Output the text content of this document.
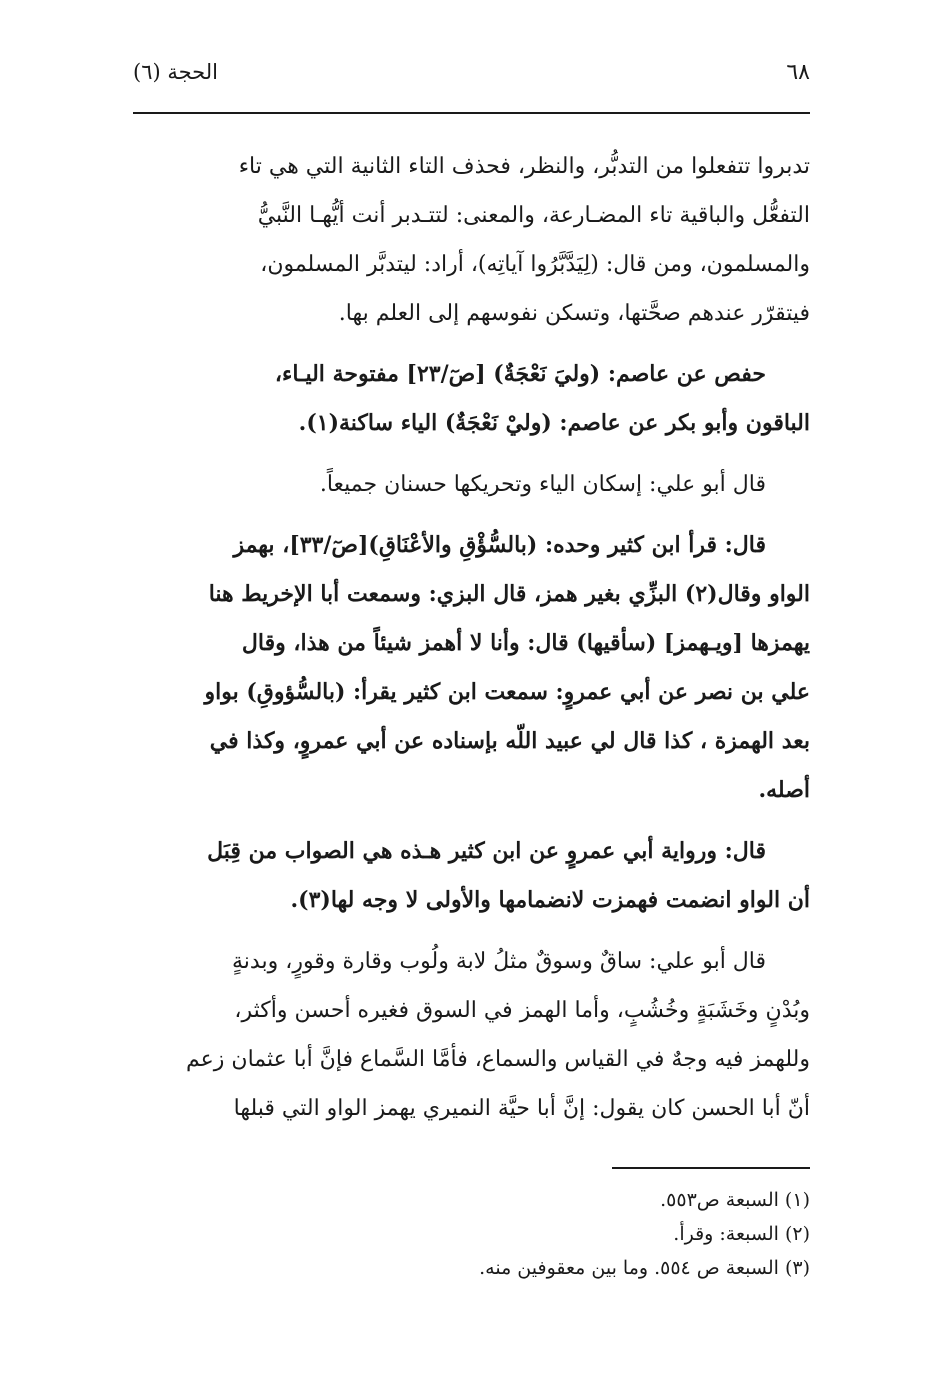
٦٨
الحجة (٦)

تدبروا تتفعلوا من التدبُّر، والنظر، فحذف التاء الثانية التي هي تاء

التفعُّل والباقية تاء المضـارعة، والمعنى: لتتـدبر أنت أيُّهـا النَّبيُّ

والمسلمون، ومن قال: (لِيَدَّبَّرُوا آياتِه)، أراد: ليتدبَّر المسلمون،

فيتقرّر عندهم صحَّتها، وتسكن نفوسهم إلى العلم بها.

حفص عن عاصم: (وليَ نَعْجَةٌ) [صٓ/٢٣] مفتوحة اليـاء،

الباقون وأبو بكر عن عاصم: (وليْ نَعْجَةٌ) الياء ساكنة(١).

قال أبو علي: إسكان الياء وتحريكها حسنان جميعاً.

قال: قرأ ابن كثير وحده: (بالسُّؤْقِ والأعْنَاقِ)[صٓ/٣٣]، بهمز

الواو وقال(٢) البزِّي بغير همز، قال البزي: وسمعت أبا الإخريط هنا

يهمزها [ويـهمز] (سأقيها) قال: وأنا لا أهمز شيئاً من هذا، وقال

علي بن نصر عن أبي عمروٍ: سمعت ابن كثير يقرأ: (بالسُّؤوقِ) بواو

بعد الهمزة ، كذا قال لي عبيد اللّه بإسناده عن أبي عمروٍ، وكذا في

أصله.

قال: ورواية أبي عمروٍ عن ابن كثير هـذه هي الصواب من قِبَل

أن الواو انضمت فهمزت لانضمامها والأولى لا وجه لها(٣).

قال أبو علي: ساقٌ وسوقٌ مثلُ لابة ولُوب وقارة وقورٍ، وبدنةٍ

وبُدْنٍ وخَشَبَةٍ وخُشُبٍ، وأما الهمز في السوق فغيره أحسن وأكثر،

وللهمز فيه وجهٌ في القياس والسماع، فأمَّا السَّماع فإنَّ أبا عثمان زعم

أنّ أبا الحسن كان يقول: إنَّ أبا حيَّة النميري يهمز الواو التي قبلها

(١) السبعة ص٥٥٣.
(٢) السبعة: وقرأ.
(٣) السبعة ص ٥٥٤. وما بين معقوفين منه.
